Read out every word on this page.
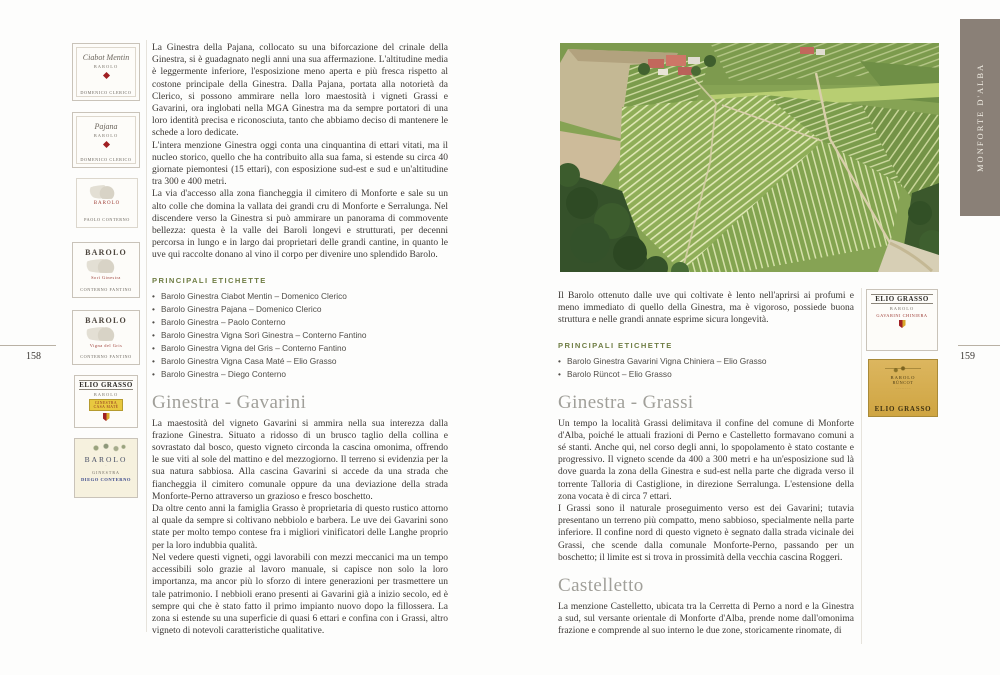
Ciabot Mentin
BAROLO
DOMENICO CLERICO
Pajana
BAROLO
DOMENICO CLERICO
BAROLO
PAOLO CONTERNO
BAROLO
Sorì Ginestra
CONTERNO FANTINO
BAROLO
Vigna del Gris
CONTERNO FANTINO
ELIO GRASSO
BAROLO
GINESTRA CASA MATÉ
BAROLO
·
GINESTRA
DIEGO CONTERNO

La Ginestra della Pajana, collocato su una biforcazione del crinale della Ginestra, si è guadagnato negli anni una sua affermazione. L'altitudine media è leggermente inferiore, l'esposizione meno aperta e più fresca rispetto al costone principale della Ginestra. Dalla Pajana, portata alla notorietà da Clerico, si possono ammirare nella loro maestosità i vigneti Grassi e Gavarini, ora inglobati nella MGA Ginestra ma da sempre portatori di una loro identità precisa e riconosciuta, tanto che abbiamo deciso di mantenere le schede a loro dedicate.

L'intera menzione Ginestra oggi conta una cinquantina di ettari vitati, ma il nucleo storico, quello che ha contribuito alla sua fama, si estende su circa 40 giornate piemontesi (15 ettari), con esposizione sud-est e sud e un'altitudine tra 300 e 400 metri.

La via d'accesso alla zona fiancheggia il cimitero di Monforte e sale su un alto colle che domina la vallata dei grandi cru di Monforte e Serralunga. Nel discendere verso la Ginestra si può ammirare un panorama di commovente bellezza: questa è la valle dei Baroli longevi e strutturati, per decenni percorsa in lungo e in largo dai proprietari delle grandi cantine, in quanto le uve qui raccolte donano al vino il corpo per divenire uno splendido Barolo.

PRINCIPALI ETICHETTE
• Barolo Ginestra Ciabot Mentin – Domenico Clerico
• Barolo Ginestra Pajana – Domenico Clerico
• Barolo Ginestra – Paolo Conterno
• Barolo Ginestra Vigna Sorì Ginestra – Conterno Fantino
• Barolo Ginestra Vigna del Gris – Conterno Fantino
• Barolo Ginestra Vigna Casa Maté – Elio Grasso
• Barolo Ginestra – Diego Conterno
Ginestra - Gavarini

La maestosità del vigneto Gavarini si ammira nella sua interezza dalla frazione Ginestra. Situato a ridosso di un brusco taglio della collina e sovrastato dal bosco, questo vigneto circonda la cascina omonima, offrendo le sue viti al sole del mattino e del mezzogiorno. Il terreno si evidenzia per la sua natura sabbiosa. Alla cascina Gavarini si accede da una strada che fiancheggia il cimitero comunale oppure da una deviazione della strada Monforte-Perno attraverso un grazioso e fresco boschetto.

Da oltre cento anni la famiglia Grasso è proprietaria di questo rustico attorno al quale da sempre si coltivano nebbiolo e barbera. Le uve dei Gavarini sono state per molto tempo contese fra i migliori vinificatori delle Langhe proprio per la loro indubbia qualità.

Nel vedere questi vigneti, oggi lavorabili con mezzi meccanici ma un tempo accessibili solo grazie al lavoro manuale, si capisce non solo la loro importanza, ma ancor più lo sforzo di intere generazioni per trasmettere un tale patrimonio. I nebbioli erano presenti ai Gavarini già a inizio secolo, ed è sempre qui che è stato fatto il primo impianto nuovo dopo la fillossera. La zona si estende su una superficie di quasi 6 ettari e confina con i Grassi, altro vigneto di notevoli caratteristiche qualitative.

158
MONFORTE D'ALBA

Il Barolo ottenuto dalle uve qui coltivate è lento nell'aprirsi ai profumi e meno immediato di quello della Ginestra, ma è vigoroso, possiede buona struttura e nelle grandi annate esprime sicura longevità.

PRINCIPALI ETICHETTE
• Barolo Ginestra Gavarini Vigna Chiniera – Elio Grasso
• Barolo Rüncot – Elio Grasso
Ginestra - Grassi

Un tempo la località Grassi delimitava il confine del comune di Monforte d'Alba, poiché le attuali frazioni di Perno e Castelletto formavano comuni a sé stanti. Anche qui, nel corso degli anni, lo spopolamento è stato costante e progressivo. Il vigneto scende da 400 a 300 metri e ha un'esposizione sud là dove guarda la zona della Ginestra e sud-est nella parte che digrada verso il torrente Talloria di Castiglione, in direzione Serralunga. L'estensione della zona vocata è di circa 7 ettari.

I Grassi sono il naturale proseguimento verso est dei Gavarini; tutavia presentano un terreno più compatto, meno sabbioso, specialmente nella parte inferiore. Il confine nord di questo vigneto è segnato dalla strada vicinale dei Grassi, che scende dalla comunale Monforte-Perno, passando per un boschetto; il limite est si trova in prossimità della vecchia cascina Roggeri.

Castelletto

La menzione Castelletto, ubicata tra la Cerretta di Perno a nord e la Ginestra a sud, sul versante orientale di Monforte d'Alba, prende nome dall'omonima frazione e comprende al suo interno le due zone, storicamente rinomate, di

ELIO GRASSO
BAROLO
GAVARINI CHINIERA
BAROLO
RÜNCOT
· · · · · · · ·
ELIO GRASSO
159
